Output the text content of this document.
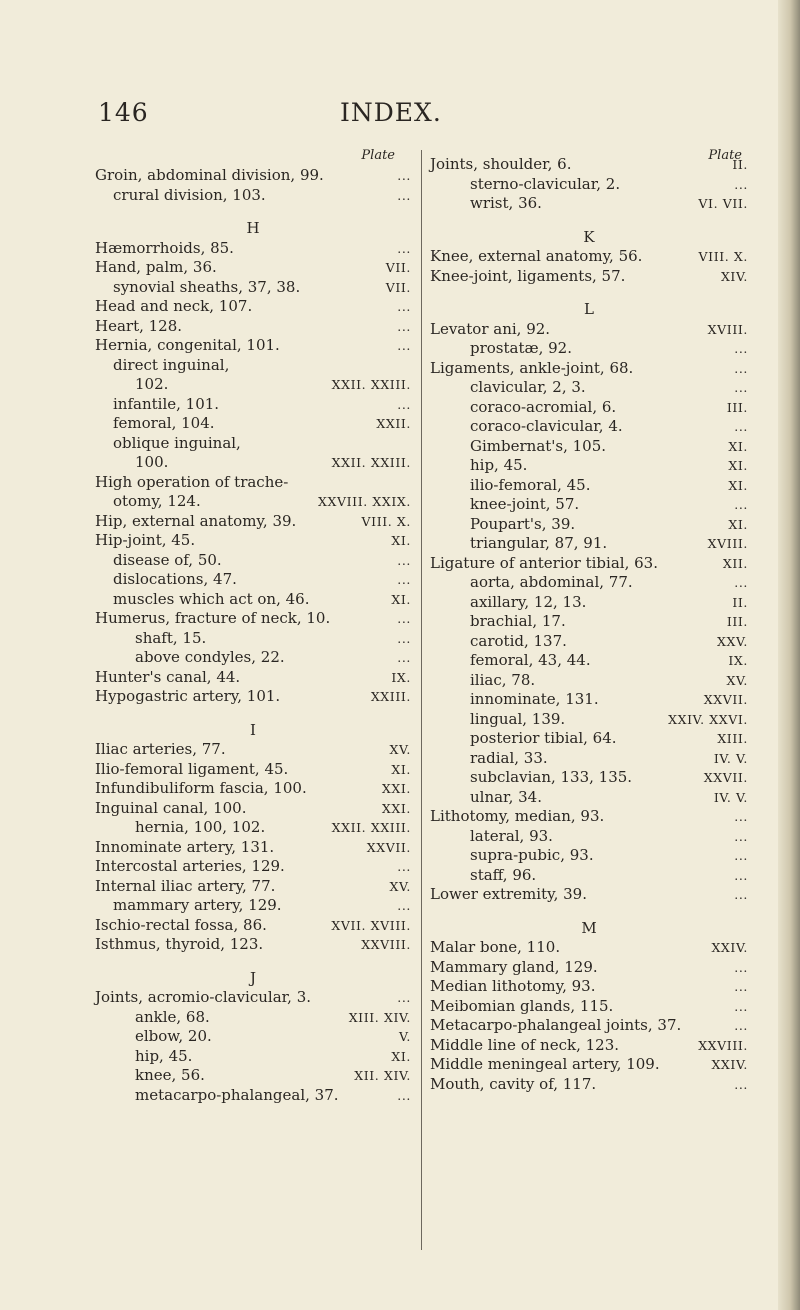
146	INDEX.
Plate
Groin, abdominal division, 99.	...
crural division, 103.	...
H
Hæmorrhoids, 85.	...
Hand, palm, 36.	VII.
synovial sheaths, 37, 38.	VII.
Head and neck, 107.	...
Heart, 128.	...
Hernia, congenital, 101.	...
direct inguinal,
102.	XXII. XXIII.
infantile, 101.	...
femoral, 104.	XXII.
oblique inguinal,
100.	XXII. XXIII.
High operation of trache-
otomy, 124.	XXVIII. XXIX.
Hip, external anatomy, 39.	VIII. X.
Hip-joint, 45.	XI.
disease of, 50.	...
dislocations, 47.	...
muscles which act on, 46.	XI.
Humerus, fracture of neck, 10.	...
shaft, 15.	...
above condyles, 22.	...
Hunter's canal, 44.	IX.
Hypogastric artery, 101.	XXIII.
I
Iliac arteries, 77.	XV.
Ilio-femoral ligament, 45.	XI.
Infundibuliform fascia, 100.	XXI.
Inguinal canal, 100.	XXI.
hernia, 100, 102.	XXII. XXIII.
Innominate artery, 131.	XXVII.
Intercostal arteries, 129.	...
Internal iliac artery, 77.	XV.
mammary artery, 129.	...
Ischio-rectal fossa, 86.	XVII. XVIII.
Isthmus, thyroid, 123.	XXVIII.
J
Joints, acromio-clavicular, 3.	...
ankle, 68.	XIII. XIV.
elbow, 20.	V.
hip, 45.	XI.
knee, 56.	XII. XIV.
metacarpo-phalangeal, 37.	...
Plate
Joints, shoulder, 6.	II.
sterno-clavicular, 2.	...
wrist, 36.	VI. VII.
K
Knee, external anatomy, 56.	VIII. X.
Knee-joint, ligaments, 57.	XIV.
L
Levator ani, 92.	XVIII.
prostatæ, 92.	...
Ligaments, ankle-joint, 68.	...
clavicular, 2, 3.	...
coraco-acromial, 6.	III.
coraco-clavicular, 4.	...
Gimbernat's, 105.	XI.
hip, 45.	XI.
ilio-femoral, 45.	XI.
knee-joint, 57.	...
Poupart's, 39.	XI.
triangular, 87, 91.	XVIII.
Ligature of anterior tibial, 63.	XII.
aorta, abdominal, 77.	...
axillary, 12, 13.	II.
brachial, 17.	III.
carotid, 137.	XXV.
femoral, 43, 44.	IX.
iliac, 78.	XV.
innominate, 131.	XXVII.
lingual, 139.	XXIV. XXVI.
posterior tibial, 64.	XIII.
radial, 33.	IV. V.
subclavian, 133, 135.	XXVII.
ulnar, 34.	IV. V.
Lithotomy, median, 93.	...
lateral, 93.	...
supra-pubic, 93.	...
staff, 96.	...
Lower extremity, 39.	...
M
Malar bone, 110.	XXIV.
Mammary gland, 129.	...
Median lithotomy, 93.	...
Meibomian glands, 115.	...
Metacarpo-phalangeal joints, 37.	...
Middle line of neck, 123.	XXVIII.
Middle meningeal artery, 109.	XXIV.
Mouth, cavity of, 117.	...
